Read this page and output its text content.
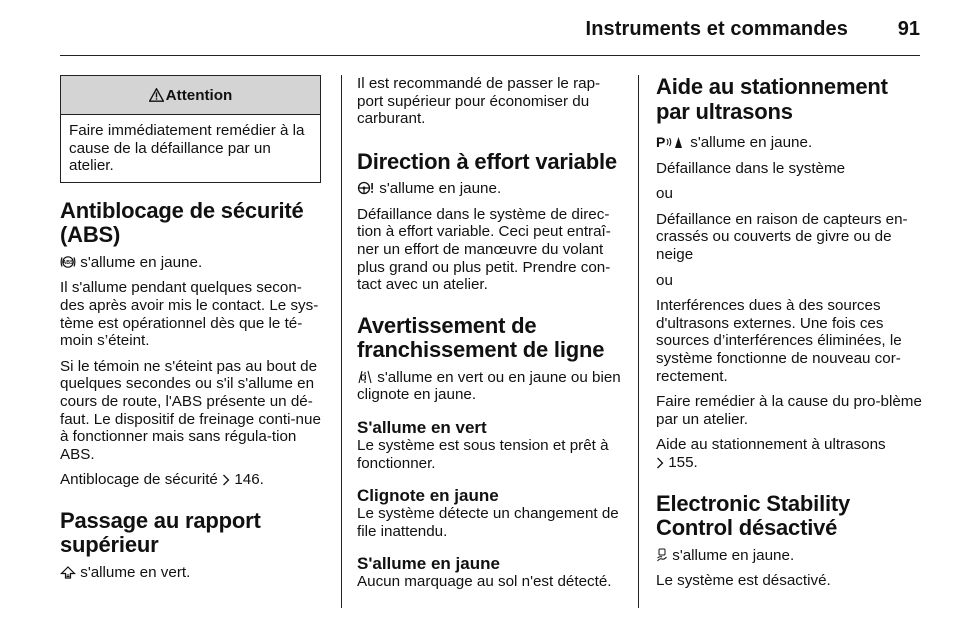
Instruments et commandes 91
Attention

Faire immédiatement remédier à la cause de la défaillance par un atelier.

Antiblocage de sécurité (ABS)

ABS s'allume en jaune.

Il s'allume pendant quelques secon-des après avoir mis le contact. Le sys-tème est opérationnel dès que le té-moin s’éteint.

Si le témoin ne s'éteint pas au bout de quelques secondes ou s'il s'allume en cours de route, l'ABS présente un dé-faut. Le dispositif de freinage conti-nue à fonctionner mais sans régula-tion ABS.

Antiblocage de sécurité  146.

Passage au rapport supérieur

s'allume en vert.

Il est recommandé de passer le rap-port supérieur pour économiser du carburant.

Direction à effort variable

s'allume en jaune.

Défaillance dans le système de direc-tion à effort variable. Ceci peut entraî-ner un effort de manœuvre du volant plus grand ou plus petit. Prendre con-tact avec un atelier.

Avertissement de franchissement de ligne

s'allume en vert ou en jaune ou bien clignote en jaune.

S'allume en vert

Le système est sous tension et prêt à fonctionner.

Clignote en jaune

Le système détecte un changement de file inattendu.

S'allume en jaune

Aucun marquage au sol n'est détecté.

Aide au stationnement par ultrasons

P s'allume en jaune.

Défaillance dans le système

ou

Défaillance en raison de capteurs en-crassés ou couverts de givre ou de neige

ou

Interférences dues à des sources d'ultrasons externes. Une fois ces sources d’interférences éliminées, le système fonctionne de nouveau cor-rectement.

Faire remédier à la cause du pro-blème par un atelier.

Aide au stationnement à ultrasons
155.

Electronic Stability Control désactivé

s'allume en jaune.

Le système est désactivé.
